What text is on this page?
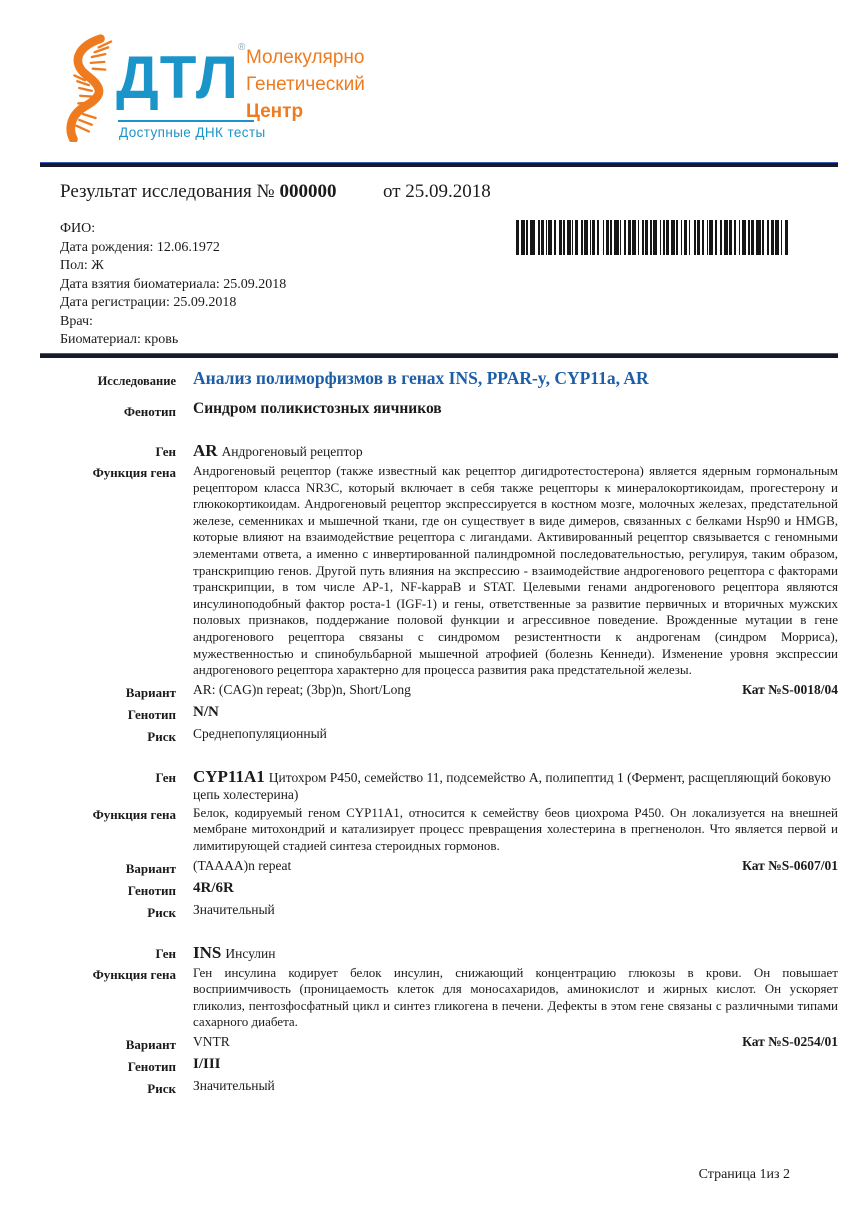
ДТЛ ® Молекулярно
Генетический
Центр
Доступные ДНК тесты
Результат исследования № 000000 от 25.09.2018
ФИО:
Дата рождения: 12.06.1972
Пол: Ж
Дата взятия биоматериала: 25.09.2018
Дата регистрации: 25.09.2018
Врач:
Биоматериал: кровь
Исследование Анализ полиморфизмов в генах INS, PPAR-y, CYP11a, AR
Фенотип Синдром поликистозных яичников
Ген AR Андрогеновый рецептор
Функция гена Андрогеновый рецептор (также известный как рецептор дигидротестостерона) является ядерным гормональным рецептором класса NR3C, который включает в себя также рецепторы к минералокортикоидам, прогестерону и глюкокортикоидам. Андрогеновый рецептор экспрессируется в костном мозге, молочных железах, предстательной железе, семенниках и мышечной ткани, где он существует в виде димеров, связанных с белками Hsp90 и HMGB, которые влияют на взаимодействие рецептора с лигандами. Активированный рецептор связывается с геномными элементами ответа, а именно с инвертированной палиндромной последовательностью, регулируя, таким образом, транскрипцию генов. Другой путь влияния на экспрессию - взаимодействие андрогенового рецептора с факторами транскрипции, в том числе AP-1, NF-kappaB и STAT. Целевыми генами андрогенового рецептора являются инсулиноподобный фактор роста-1 (IGF-1) и гены, ответственные за развитие первичных и вторичных мужских половых признаков, поддержание половой функции и агрессивное поведение. Врожденные мутации в гене андрогенового рецептора связаны с синдромом резистентности к андрогенам (синдром Морриса), мужественностью и спинобульбарной мышечной атрофией (болезнь Кеннеди). Изменение уровня экспрессии андрогенового рецептора характерно для процесса развития рака предстательной железы.
Вариант AR: (CAG)n repeat; (3bp)n, Short/Long	Кат №S-0018/04
Генотип N/N
Риск Среднепопуляционный
Ген CYP11A1 Цитохром P450, семейство 11, подсемейство A, полипептид 1 (Фермент, расщепляющий боковую цепь холестерина)
Функция гена Белок, кодируемый геном CYP11A1, относится к семейству беов циохрома P450. Он локализуется на внешней мембране митохондрий и катализирует процесс превращения холестерина в прегненолон. Что является первой и лимитирующей стадией синтеза стероидных гормонов.
Вариант (TAAAA)n repeat	Кат №S-0607/01
Генотип 4R/6R
Риск Значительный
Ген INS Инсулин
Функция гена Ген инсулина кодирует белок инсулин, снижающий концентрацию глюкозы в крови. Он повышает восприимчивость (проницаемость клеток для моносахаридов, аминокислот и жирных кислот. Он ускоряет гликолиз, пентозфосфатный цикл и синтез гликогена в печени. Дефекты в этом гене связаны с различными типами сахарного диабета.
Вариант VNTR	Кат №S-0254/01
Генотип I/III
Риск Значительный
Страница 1из 2
